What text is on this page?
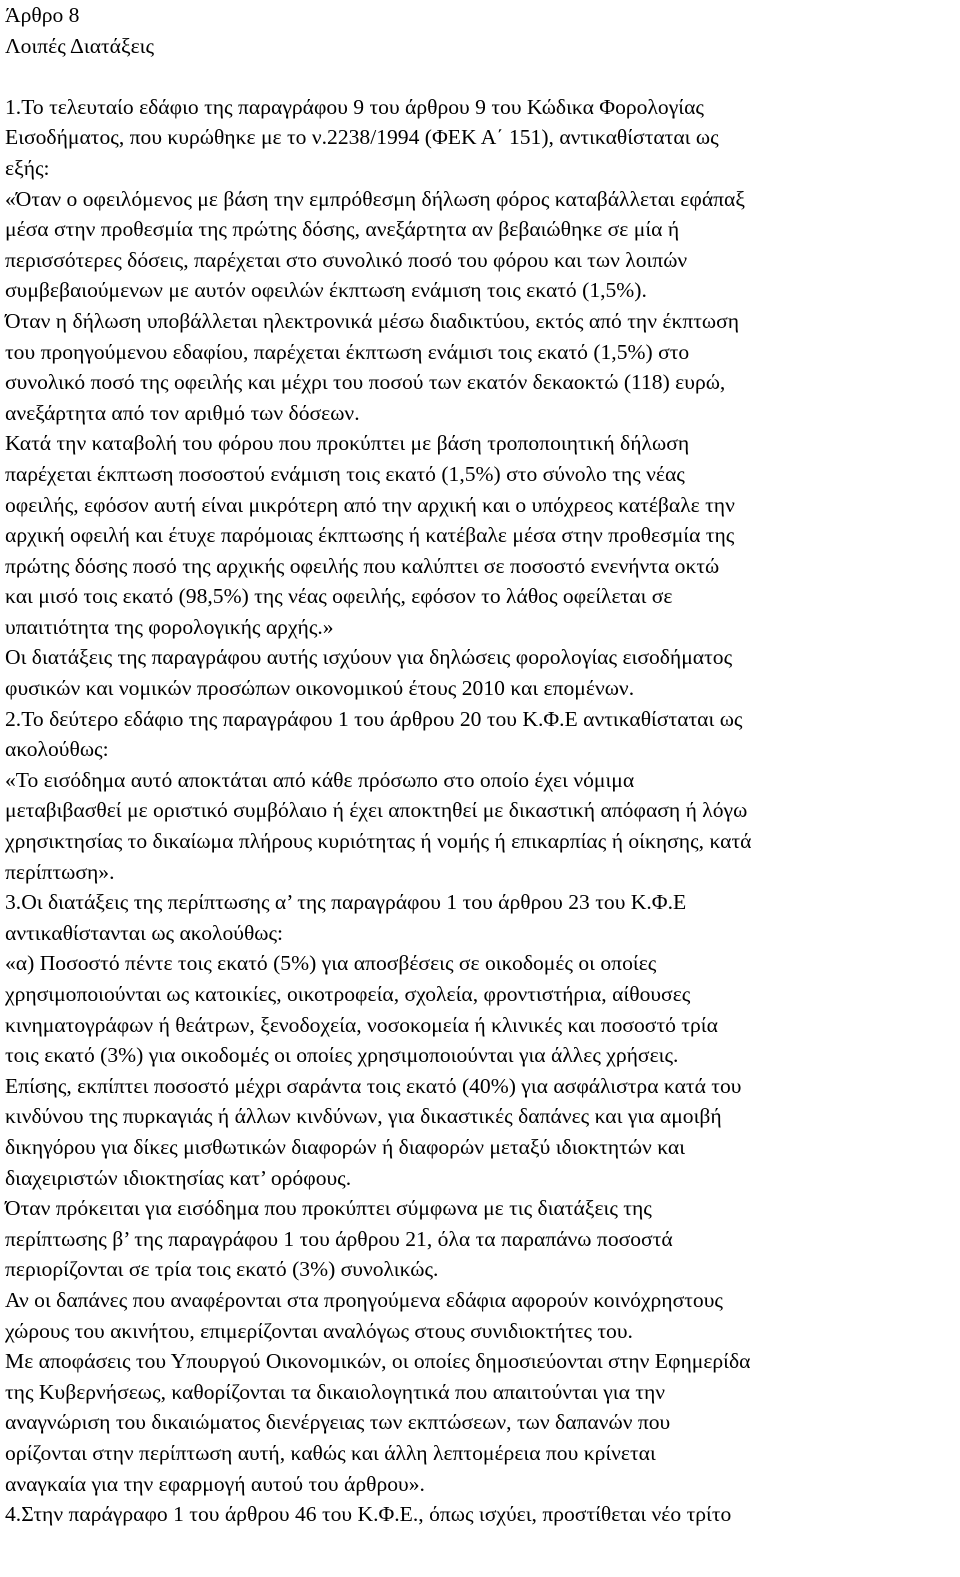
Άρθρο 8
Λοιπές Διατάξεις
1.Το τελευταίο εδάφιο της παραγράφου 9 του άρθρου 9 του Κώδικα Φορολογίας
Εισοδήματος, που κυρώθηκε με το ν.2238/1994 (ΦΕΚ Α΄ 151), αντικαθίσταται ως
εξής:
«Όταν ο οφειλόμενος με βάση την εμπρόθεσμη δήλωση φόρος καταβάλλεται εφάπαξ
μέσα στην προθεσμία της πρώτης δόσης, ανεξάρτητα αν βεβαιώθηκε σε μία ή
περισσότερες δόσεις, παρέχεται στο συνολικό ποσό του φόρου και των λοιπών
συμβεβαιούμενων με αυτόν οφειλών έκπτωση ενάμιση τοις εκατό (1,5%).
Όταν η δήλωση υποβάλλεται ηλεκτρονικά μέσω διαδικτύου, εκτός από την έκπτωση
του προηγούμενου εδαφίου, παρέχεται έκπτωση ενάμισι τοις εκατό (1,5%) στο
συνολικό ποσό της οφειλής και μέχρι του ποσού των εκατόν δεκαοκτώ (118) ευρώ,
ανεξάρτητα από τον αριθμό των δόσεων.
Κατά την καταβολή του φόρου που προκύπτει με βάση τροποποιητική δήλωση
παρέχεται έκπτωση ποσοστού ενάμιση τοις εκατό (1,5%) στο σύνολο της νέας
οφειλής, εφόσον αυτή είναι μικρότερη από την αρχική και ο υπόχρεος κατέβαλε την
αρχική οφειλή και έτυχε παρόμοιας έκπτωσης ή κατέβαλε μέσα στην προθεσμία της
πρώτης δόσης ποσό της αρχικής οφειλής που καλύπτει σε ποσοστό ενενήντα οκτώ
και μισό τοις εκατό (98,5%) της νέας οφειλής, εφόσον το λάθος οφείλεται σε
υπαιτιότητα της φορολογικής αρχής.»
Οι διατάξεις της παραγράφου αυτής ισχύουν για δηλώσεις φορολογίας εισοδήματος
φυσικών και νομικών προσώπων οικονομικού έτους 2010 και επομένων.
2.Το δεύτερο εδάφιο της παραγράφου 1 του άρθρου 20 του Κ.Φ.Ε αντικαθίσταται ως
ακολούθως:
«Το εισόδημα αυτό αποκτάται από κάθε πρόσωπο στο οποίο έχει νόμιμα
μεταβιβασθεί με οριστικό συμβόλαιο ή έχει αποκτηθεί με δικαστική απόφαση ή λόγω
χρησικτησίας το δικαίωμα πλήρους κυριότητας ή νομής ή επικαρπίας ή οίκησης, κατά
περίπτωση».
3.Οι διατάξεις της περίπτωσης α’ της παραγράφου 1 του άρθρου 23 του Κ.Φ.Ε
αντικαθίστανται ως ακολούθως:
«α) Ποσοστό πέντε τοις εκατό (5%) για αποσβέσεις σε οικοδομές οι οποίες
χρησιμοποιούνται ως κατοικίες, οικοτροφεία, σχολεία, φροντιστήρια, αίθουσες
κινηματογράφων ή θεάτρων, ξενοδοχεία, νοσοκομεία ή κλινικές και ποσοστό τρία
τοις εκατό (3%) για οικοδομές οι οποίες χρησιμοποιούνται για άλλες χρήσεις.
Επίσης, εκπίπτει ποσοστό μέχρι σαράντα τοις εκατό (40%) για ασφάλιστρα κατά του
κινδύνου της πυρκαγιάς ή άλλων κινδύνων, για δικαστικές δαπάνες και για αμοιβή
δικηγόρου για δίκες μισθωτικών διαφορών ή διαφορών μεταξύ ιδιοκτητών και
διαχειριστών ιδιοκτησίας κατ’ ορόφους.
Όταν πρόκειται για εισόδημα που προκύπτει σύμφωνα με τις διατάξεις της
περίπτωσης β’ της παραγράφου 1 του άρθρου 21, όλα τα παραπάνω ποσοστά
περιορίζονται σε τρία τοις εκατό (3%) συνολικώς.
Αν οι δαπάνες που αναφέρονται στα προηγούμενα εδάφια αφορούν κοινόχρηστους
χώρους του ακινήτου, επιμερίζονται αναλόγως στους συνιδιοκτήτες του.
Με αποφάσεις του Υπουργού Οικονομικών, οι οποίες δημοσιεύονται στην Εφημερίδα
της Κυβερνήσεως, καθορίζονται τα δικαιολογητικά που απαιτούνται για την
αναγνώριση του δικαιώματος διενέργειας των εκπτώσεων, των δαπανών που
ορίζονται στην περίπτωση αυτή, καθώς και άλλη λεπτομέρεια που κρίνεται
αναγκαία για την εφαρμογή αυτού του άρθρου».
4.Στην παράγραφο 1 του άρθρου 46 του Κ.Φ.Ε., όπως ισχύει, προστίθεται νέο τρίτο
